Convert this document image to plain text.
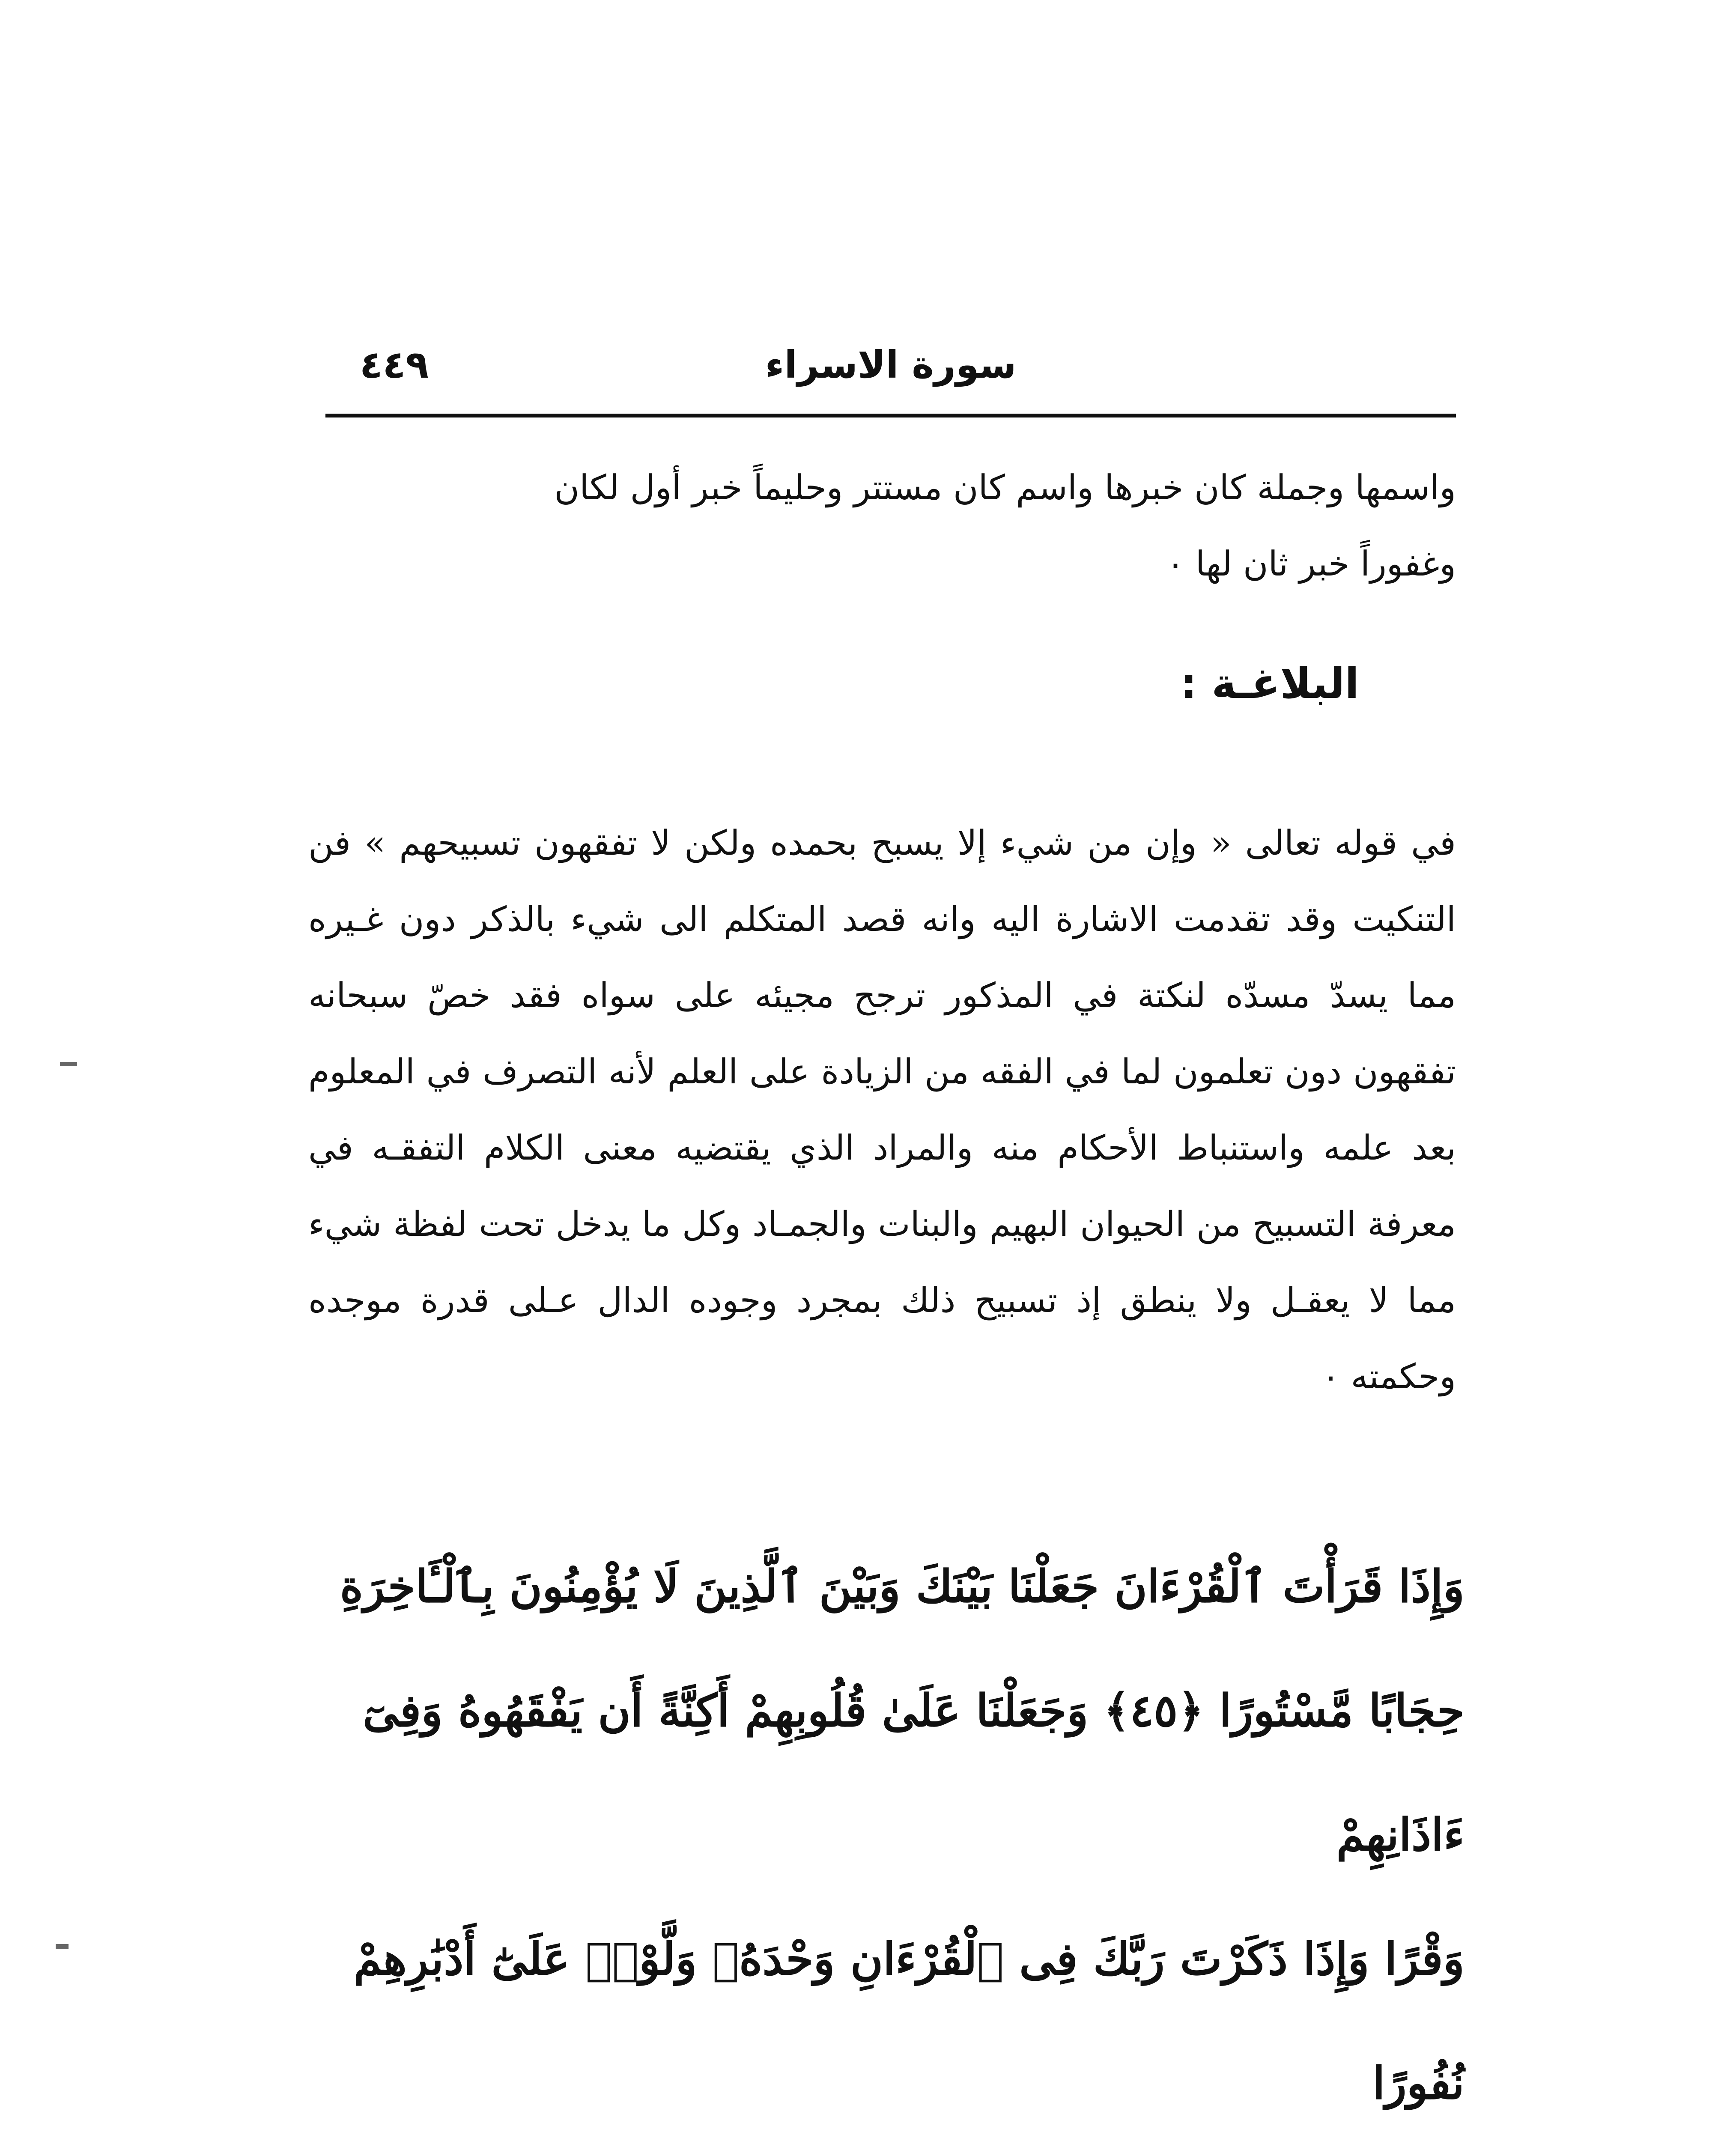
سورة الاسراء
٤٤٩
واسمها وجملة كان خبرها واسم كان مستتر وحليماً خبر أول لكان
وغفوراً خبر ثان لها ٠
البلاغـة :
في قوله تعالى « وإن من شيء إلا يسبح بحمده ولكن لا تفقهون تسبيحهم » فن التنكيت وقد تقدمت الاشارة اليه وانه قصد المتكلم الى شيء بالذكر دون غـيره مما يسدّ مسدّه لنكتة في المذكور ترجح مجيئه على سواه فقد خصّ سبحانه تفقهون دون تعلمون لما في الفقه من الزيادة على العلم لأنه التصرف في المعلوم بعد علمه واستنباط الأحكام منه والمراد الذي يقتضيه معنى الكلام التفقـه في معرفة التسبيح من الحيوان البهيم والبنات والجمـاد وكل ما يدخل تحت لفظة شيء مما لا يعقـل ولا ينطق إذ تسبيح ذلك بمجرد وجوده الدال عـلى قدرة موجده وحكمته ٠
وَإِذَا قَرَأْتَ ٱلْقُرْءَانَ جَعَلْنَا بَيْنَكَ وَبَيْنَ ٱلَّذِينَ لَا يُؤْمِنُونَ بِٱلْـَٔاخِرَةِ
حِجَابًا مَّسْتُورًا ﴿٤٥﴾ وَجَعَلْنَا عَلَىٰ قُلُوبِهِمْ أَكِنَّةً أَن يَفْقَهُوهُ وَفِىٓ ءَاذَانِهِمْ
وَقْرًا وَإِذَا ذَكَرْتَ رَبَّكَ فِى ٱلْقُرْءَانِ وَحْدَهُۥ وَلَّوْا۟ عَلَىٰٓ أَدْبَٰرِهِمْ نُفُورًا
